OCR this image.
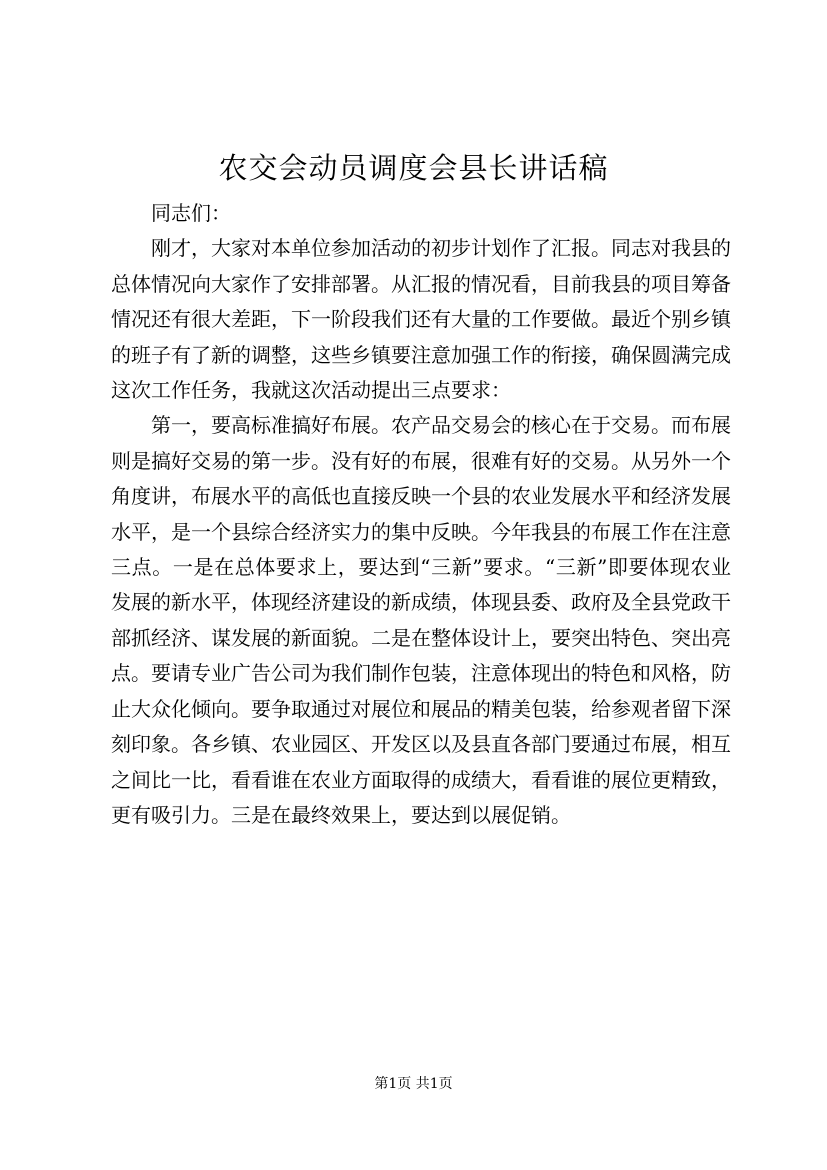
农交会动员调度会县长讲话稿

同志们：

刚才，大家对本单位参加活动的初步计划作了汇报。同志对我县的总体情况向大家作了安排部署。从汇报的情况看，目前我县的项目筹备情况还有很大差距，下一阶段我们还有大量的工作要做。最近个别乡镇的班子有了新的调整，这些乡镇要注意加强工作的衔接，确保圆满完成这次工作任务，我就这次活动提出三点要求：

第一，要高标准搞好布展。农产品交易会的核心在于交易。而布展则是搞好交易的第一步。没有好的布展，很难有好的交易。从另外一个角度讲，布展水平的高低也直接反映一个县的农业发展水平和经济发展水平，是一个县综合经济实力的集中反映。今年我县的布展工作在注意三点。一是在总体要求上，要达到“三新”要求。“三新”即要体现农业发展的新水平，体现经济建设的新成绩，体现县委、政府及全县党政干部抓经济、谋发展的新面貌。二是在整体设计上，要突出特色、突出亮点。要请专业广告公司为我们制作包装，注意体现出的特色和风格，防止大众化倾向。要争取通过对展位和展品的精美包装，给参观者留下深刻印象。各乡镇、农业园区、开发区以及县直各部门要通过布展，相互之间比一比，看看谁在农业方面取得的成绩大，看看谁的展位更精致，更有吸引力。三是在最终效果上，要达到以展促销。

第1页 共1页
